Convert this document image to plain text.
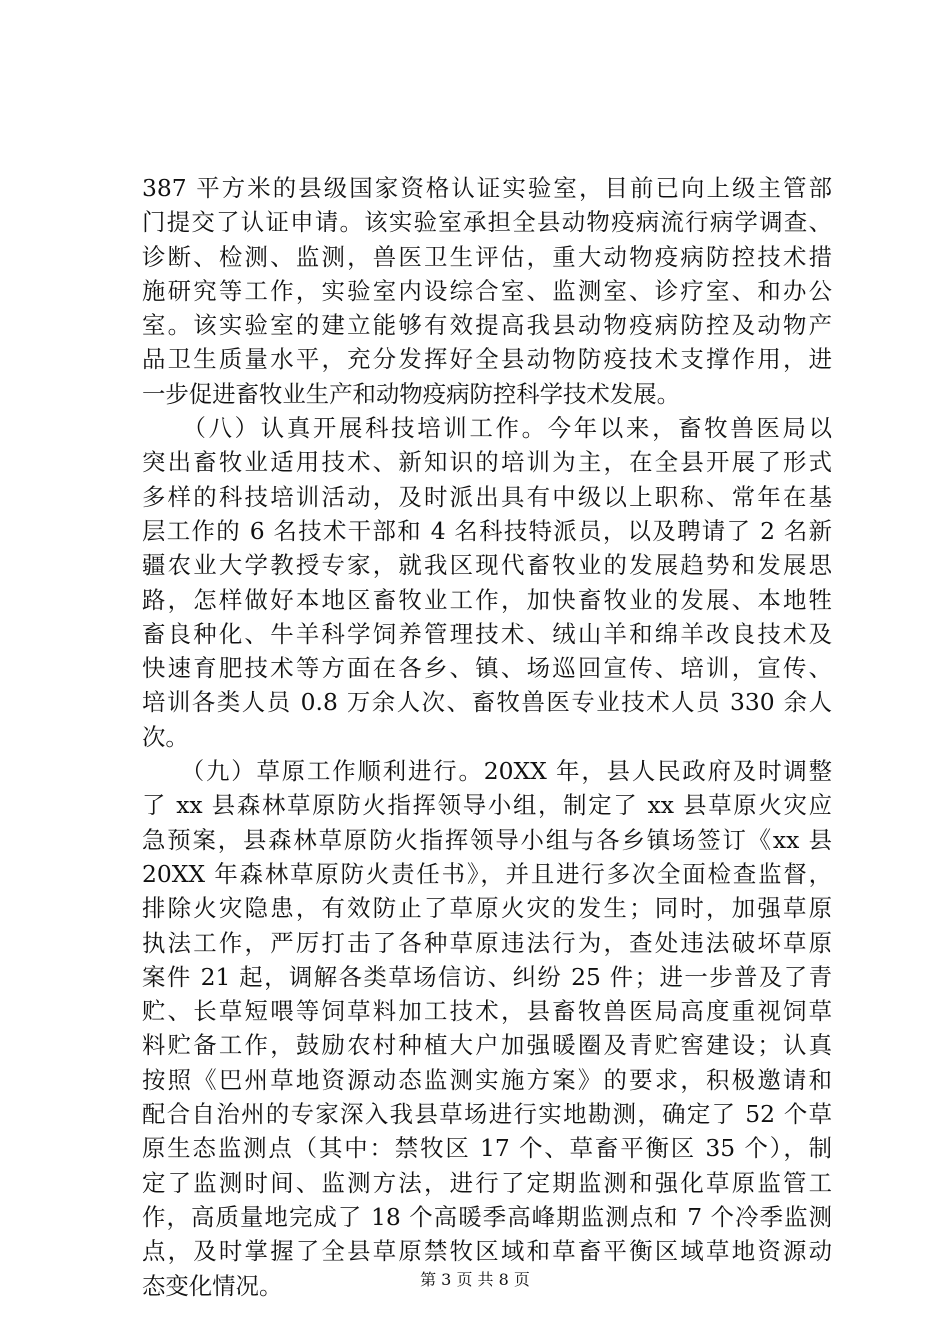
387 平方米的县级国家资格认证实验室，目前已向上级主管部
门提交了认证申请。该实验室承担全县动物疫病流行病学调查、
诊断、检测、监测，兽医卫生评估，重大动物疫病防控技术措
施研究等工作，实验室内设综合室、监测室、诊疗室、和办公
室。该实验室的建立能够有效提高我县动物疫病防控及动物产
品卫生质量水平，充分发挥好全县动物防疫技术支撑作用，进
一步促进畜牧业生产和动物疫病防控科学技术发展。
　　（八）认真开展科技培训工作。今年以来，畜牧兽医局以
突出畜牧业适用技术、新知识的培训为主，在全县开展了形式
多样的科技培训活动，及时派出具有中级以上职称、常年在基
层工作的 6 名技术干部和 4 名科技特派员，以及聘请了 2 名新
疆农业大学教授专家，就我区现代畜牧业的发展趋势和发展思
路，怎样做好本地区畜牧业工作，加快畜牧业的发展、本地牲
畜良种化、牛羊科学饲养管理技术、绒山羊和绵羊改良技术及
快速育肥技术等方面在各乡、镇、场巡回宣传、培训，宣传、
培训各类人员 0.8 万余人次、畜牧兽医专业技术人员 330 余人
次。
　　（九）草原工作顺利进行。20XX 年，县人民政府及时调整
了 xx 县森林草原防火指挥领导小组，制定了 xx 县草原火灾应
急预案，县森林草原防火指挥领导小组与各乡镇场签订《xx 县
20XX 年森林草原防火责任书》，并且进行多次全面检查监督，
排除火灾隐患，有效防止了草原火灾的发生；同时，加强草原
执法工作，严厉打击了各种草原违法行为，查处违法破坏草原
案件 21 起，调解各类草场信访、纠纷 25 件；进一步普及了青
贮、长草短喂等饲草料加工技术，县畜牧兽医局高度重视饲草
料贮备工作，鼓励农村种植大户加强暖圈及青贮窖建设；认真
按照《巴州草地资源动态监测实施方案》的要求，积极邀请和
配合自治州的专家深入我县草场进行实地勘测，确定了 52 个草
原生态监测点（其中：禁牧区 17 个、草畜平衡区 35 个），制
定了监测时间、监测方法，进行了定期监测和强化草原监管工
作，高质量地完成了 18 个高暖季高峰期监测点和 7 个冷季监测
点，及时掌握了全县草原禁牧区域和草畜平衡区域草地资源动
态变化情况。	第 3 页 共 8 页
